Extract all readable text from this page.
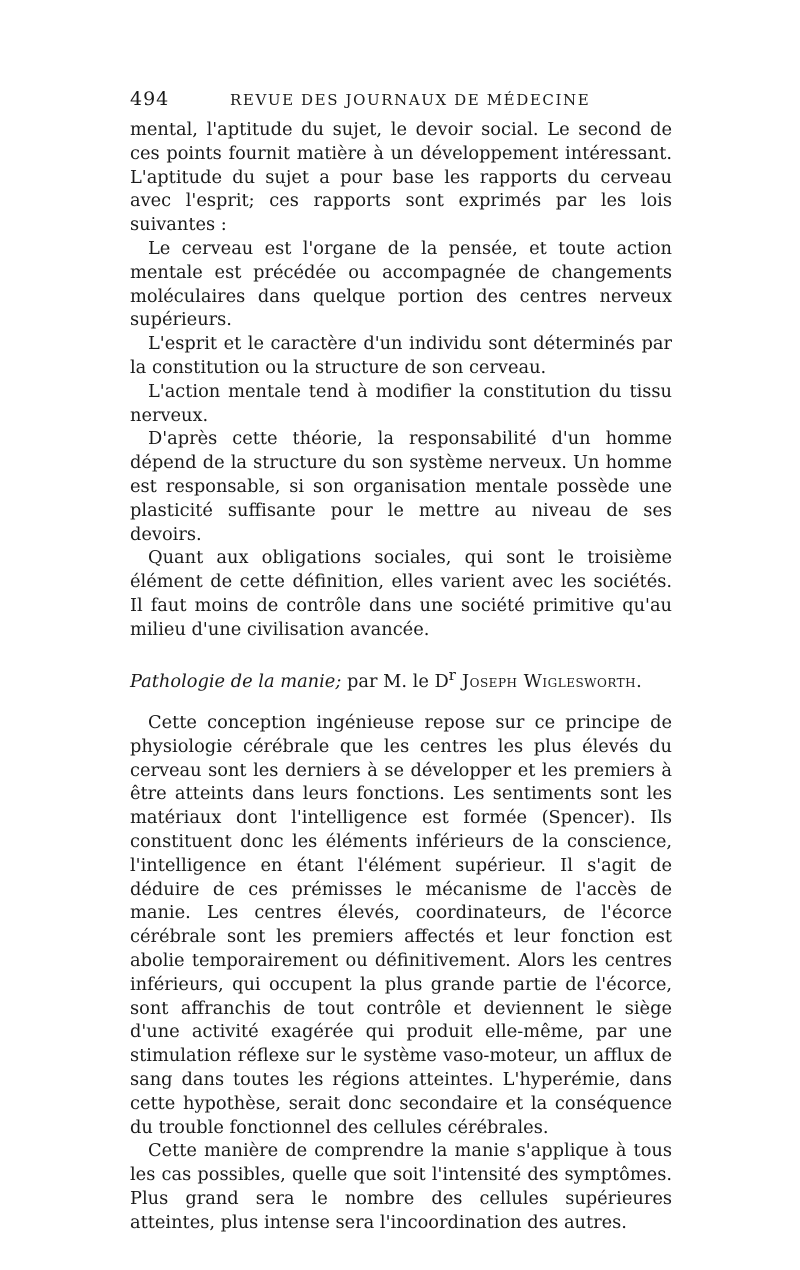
494	REVUE DES JOURNAUX DE MÉDECINE

mental, l'aptitude du sujet, le devoir social. Le second de ces points fournit matière à un développement intéressant. L'aptitude du sujet a pour base les rapports du cerveau avec l'esprit; ces rapports sont exprimés par les lois suivantes :

Le cerveau est l'organe de la pensée, et toute action mentale est précédée ou accompagnée de changements moléculaires dans quelque portion des centres nerveux supérieurs.

L'esprit et le caractère d'un individu sont déterminés par la constitution ou la structure de son cerveau.

L'action mentale tend à modifier la constitution du tissu nerveux.

D'après cette théorie, la responsabilité d'un homme dépend de la structure du son système nerveux. Un homme est responsable, si son organisation mentale possède une plasticité suffisante pour le mettre au niveau de ses devoirs.

Quant aux obligations sociales, qui sont le troisième élément de cette définition, elles varient avec les sociétés. Il faut moins de contrôle dans une société primitive qu'au milieu d'une civilisation avancée.

Pathologie de la manie; par M. le $D^r$ Joseph Wiglesworth.

Cette conception ingénieuse repose sur ce principe de physiologie cérébrale que les centres les plus élevés du cerveau sont les derniers à se développer et les premiers à être atteints dans leurs fonctions. Les sentiments sont les matériaux dont l'intelligence est formée (Spencer). Ils constituent donc les éléments inférieurs de la conscience, l'intelligence en étant l'élément supérieur. Il s'agit de déduire de ces prémisses le mécanisme de l'accès de manie. Les centres élevés, coordinateurs, de l'écorce cérébrale sont les premiers affectés et leur fonction est abolie temporairement ou définitivement. Alors les centres inférieurs, qui occupent la plus grande partie de l'écorce, sont affranchis de tout contrôle et deviennent le siège d'une activité exagérée qui produit elle-même, par une stimulation réflexe sur le système vaso-moteur, un afflux de sang dans toutes les régions atteintes. L'hyperémie, dans cette hypothèse, serait donc secondaire et la conséquence du trouble fonctionnel des cellules cérébrales.

Cette manière de comprendre la manie s'applique à tous les cas possibles, quelle que soit l'intensité des symptômes. Plus grand sera le nombre des cellules supérieures atteintes, plus intense sera l'incoordination des autres.
